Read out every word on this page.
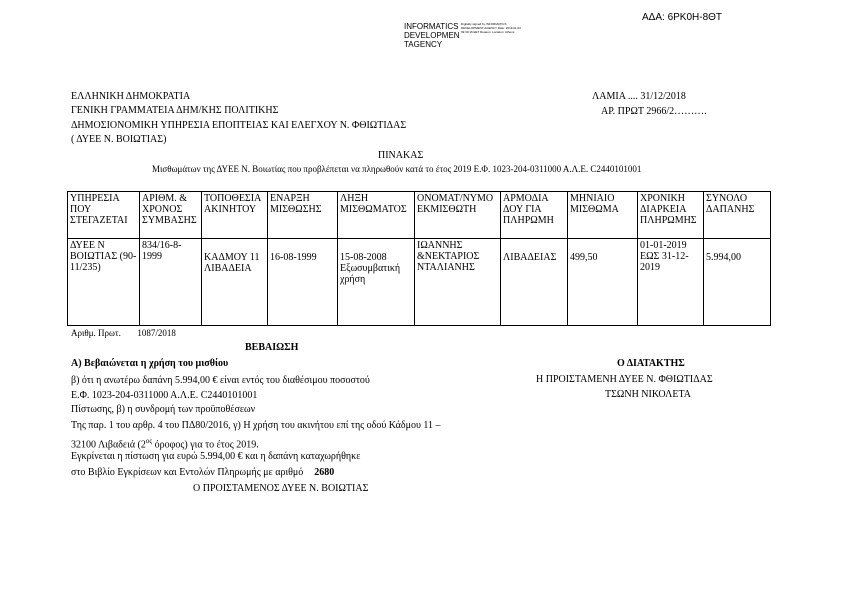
ΑΔΑ: 6ΡΚ0Η-8ΘΤ
INFORMATICS
DEVELOPMEN
TAGENCY
Digitally signed by INFORMATICS DEVELOPMENT AGENCY Date: 2019.01.03 09:30:16 EET Reason: Location: Athens
ΕΛΛΗΝΙΚΗ ΔΗΜΟΚΡΑΤΙΑ
ΓΕΝΙΚΗ ΓΡΑΜΜΑΤΕΙΑ ΔΗΜ/ΚΗΣ ΠΟΛΙΤΙΚΗΣ
ΔΗΜΟΣΙΟΝΟΜΙΚΗ ΥΠΗΡΕΣΙΑ ΕΠΟΠΤΕΙΑΣ ΚΑΙ ΕΛΕΓΧΟΥ Ν. ΦΘΙΩΤΙΔΑΣ
( ΔΥΕΕ Ν. ΒΟΙΩΤΙΑΣ)
ΛΑΜΙΑ .... 31/12/2018
ΑΡ. ΠΡΩΤ 2966/2……….
ΠΙΝΑΚΑΣ
Μισθωμάτων της ΔΥΕΕ Ν. Βοιωτίας που προβλέπεται να πληρωθούν κατά το έτος 2019 Ε.Φ. 1023-204-0311000 Α.Λ.Ε. C2440101001
ΥΠΗΡΕΣΙΑ ΠΟΥ ΣΤΕΓΑΖΕΤΑΙ	ΑΡΙΘΜ. & ΧΡΟΝΟΣ ΣΥΜΒΑΣΗΣ	ΤΟΠΟΘΕΣΙΑ ΑΚΙΝΗΤΟΥ	ΕΝΑΡΞΗ ΜΙΣΘΩΣΗΣ	ΛΗΞΗ ΜΙΣΘΩΜΑΤΟΣ	ΟΝΟΜΑΤ/ΝΥΜΟ ΕΚΜΙΣΘΩΤΗ	ΑΡΜΟΔΙΑ ΔΟΥ ΓΙΑ ΠΛΗΡΩΜΗ	ΜΗΝΙΑΙΟ ΜΙΣΘΩΜΑ	ΧΡΟΝΙΚΗ ΔΙΑΡΚΕΙΑ ΠΛΗΡΩΜΗΣ	ΣΥΝΟΛΟ ΔΑΠΑΝΗΣ
ΔΥΕΕ Ν ΒΟΙΩΤΙΑΣ (90-11/235)	834/16-8-1999	ΚΑΔΜΟΥ 11 ΛΙΒΑΔΕΙΑ	16-08-1999	15-08-2008 Εξωσυμβατική χρήση	ΙΩΑΝΝΗΣ &ΝΕΚΤΑΡΙΟΣ ΝΤΑΛΙΑΝΗΣ	ΛΙΒΑΔΕΙΑΣ	499,50	01-01-2019 ΕΩΣ 31-12-2019	5.994,00
Αριθμ. Πρωτ. 1087/2018
ΒΕΒΑΙΩΣΗ
Α) Βεβαιώνεται η χρήση του μισθίου
β) ότι η ανωτέρω δαπάνη 5.994,00 € είναι εντός του διαθέσιμου ποσοστού
Ε.Φ. 1023-204-0311000 Α.Λ.Ε. C2440101001
Πίστωσης, β) η συνδρομή των προϋποθέσεων
Της παρ. 1 του αρθρ. 4 του ΠΔ80/2016, γ) Η χρήση του ακινήτου επί της οδού Κάδμου 11 –
32100 Λιβαδειά ($2^{o\varsigma}$ όροφος) για το έτος 2019.
Εγκρίνεται η πίστωση για ευρώ 5.994,00 € και η δαπάνη καταχωρήθηκε
στο Βιβλίο Εγκρίσεων και Εντολών Πληρωμής με αριθμό 2680
Ο ΠΡΟΙΣΤΑΜΕΝΟΣ ΔΥΕΕ Ν. ΒΟΙΩΤΙΑΣ
Ο ΔΙΑΤΑΚΤΗΣ
Η ΠΡΟΙΣΤΑΜΕΝΗ ΔΥΕΕ Ν. ΦΘΙΩΤΙΔΑΣ
ΤΣΩΝΗ ΝΙΚΟΛΕΤΑ
